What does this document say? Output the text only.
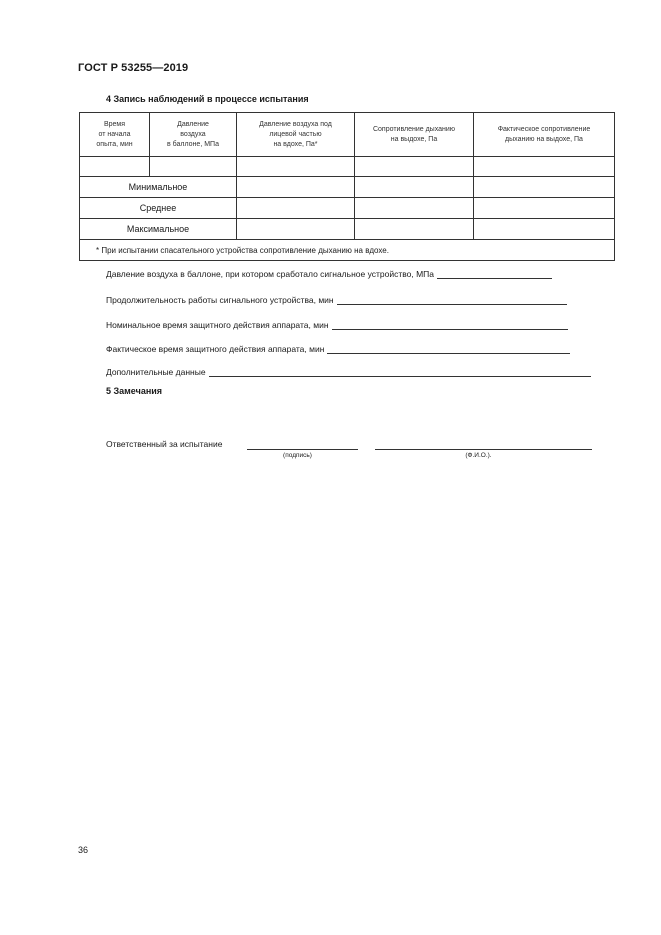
ГОСТ Р 53255—2019
4 Запись наблюдений в процессе испытания
Время
от начала
опыта, мин	Давление
воздуха
в баллоне, МПа	Давление воздуха под
лицевой частью
на вдохе, Па*	Сопротивление дыханию
на выдохе, Па	Фактическое сопротивление
дыханию на выдохе, Па

Минимальное				
Среднее				
Максимальное				
* При испытании спасательного устройства сопротивление дыханию на вдохе.				
Давление воздуха в баллоне, при котором сработало сигнальное устройство, МПа
Продолжительность работы сигнального устройства, мин
Номинальное время защитного действия аппарата, мин
Фактическое время защитного действия аппарата, мин
Дополнительные данные
5 Замечания
Ответственный за испытание
(подпись)	(Ф.И.О.).
36
